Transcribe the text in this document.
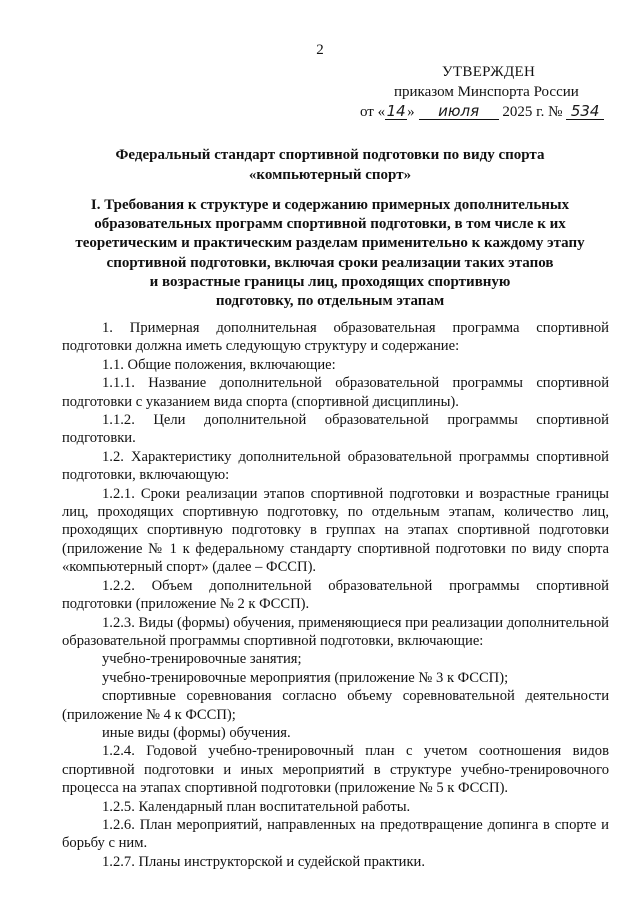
2
УТВЕРЖДЕН
приказом Минспорта России
от «14» июля 2025 г. № 534
Федеральный стандарт спортивной подготовки по виду спорта
«компьютерный спорт»
I. Требования к структуре и содержанию примерных дополнительных
образовательных программ спортивной подготовки, в том числе к их
теоретическим и практическим разделам применительно к каждому этапу
спортивной подготовки, включая сроки реализации таких этапов
и возрастные границы лиц, проходящих спортивную
подготовку, по отдельным этапам

1. Примерная дополнительная образовательная программа спортивной подготовки должна иметь следующую структуру и содержание:

1.1. Общие положения, включающие:

1.1.1. Название дополнительной образовательной программы спортивной подготовки с указанием вида спорта (спортивной дисциплины).

1.1.2. Цели дополнительной образовательной программы спортивной подготовки.

1.2. Характеристику дополнительной образовательной программы спортивной подготовки, включающую:

1.2.1. Сроки реализации этапов спортивной подготовки и возрастные границы лиц, проходящих спортивную подготовку, по отдельным этапам, количество лиц, проходящих спортивную подготовку в группах на этапах спортивной подготовки (приложение № 1 к федеральному стандарту спортивной подготовки по виду спорта «компьютерный спорт» (далее – ФССП).

1.2.2. Объем дополнительной образовательной программы спортивной подготовки (приложение № 2 к ФССП).

1.2.3. Виды (формы) обучения, применяющиеся при реализации дополнительной образовательной программы спортивной подготовки, включающие:

учебно-тренировочные занятия;

учебно-тренировочные мероприятия (приложение № 3 к ФССП);

спортивные соревнования согласно объему соревновательной деятельности (приложение № 4 к ФССП);

иные виды (формы) обучения.

1.2.4. Годовой учебно-тренировочный план с учетом соотношения видов спортивной подготовки и иных мероприятий в структуре учебно-тренировочного процесса на этапах спортивной подготовки (приложение № 5 к ФССП).

1.2.5. Календарный план воспитательной работы.

1.2.6. План мероприятий, направленных на предотвращение допинга в спорте и борьбу с ним.

1.2.7. Планы инструкторской и судейской практики.
